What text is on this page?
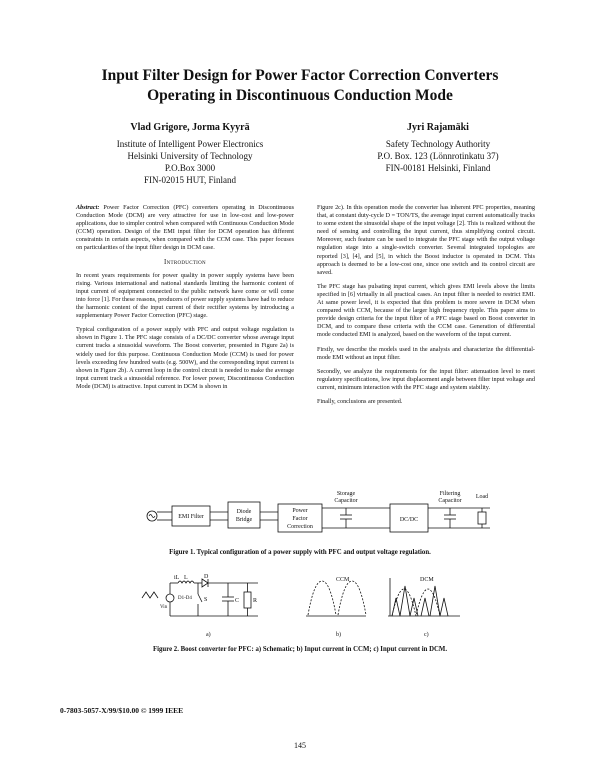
Input Filter Design for Power Factor Correction Converters
Operating in Discontinuous Conduction Mode
Vlad Grigore, Jorma Kyyrä
Institute of Intelligent Power Electronics
Helsinki University of Technology
P.O.Box 3000
FIN-02015 HUT, Finland
Jyri Rajamäki
Safety Technology Authority
P.O. Box. 123 (Lönnrotinkatu 37)
FIN-00181 Helsinki, Finland

Abstract: Power Factor Correction (PFC) converters operating in Discontinuous Conduction Mode (DCM) are very attractive for use in low-cost and low-power applications, due to simpler control when compared with Continuous Conduction Mode (CCM) operation. Design of the EMI input filter for DCM operation has different constraints in certain aspects, when compared with the CCM case. This paper focuses on particularities of the input filter design in DCM case.

Introduction

In recent years requirements for power quality in power supply systems have been rising. Various international and national standards limiting the harmonic content of input current of equipment connected to the public network have come or will come into force [1]. For these reasons, producers of power supply systems have had to reduce the harmonic content of the input current of their rectifier systems by introducing a supplementary Power Factor Correction (PFC) stage.

Typical configuration of a power supply with PFC and output voltage regulation is shown in Figure 1. The PFC stage consists of a DC/DC converter whose average input current tracks a sinusoidal waveform. The Boost converter, presented in Figure 2a) is widely used for this purpose. Continuous Conduction Mode (CCM) is used for power levels exceeding few hundred watts (e.g. 500W), and the corresponding input current is shown in Figure 2b). A current loop in the control circuit is needed to make the average input current track a sinusoidal reference. For lower power, Discontinuous Conduction Mode (DCM) is attractive. Input current in DCM is shown in

Figure 2c). In this operation mode the converter has inherent PFC properties, meaning that, at constant duty-cycle D = TON/TS, the average input current automatically tracks to some extent the sinusoidal shape of the input voltage [2]. This is realized without the need of sensing and controlling the input current, thus simplifying control circuit. Moreover, such feature can be used to integrate the PFC stage with the output voltage regulation stage into a single-switch converter. Several integrated topologies are reported [3], [4], and [5], in which the Boost inductor is operated in DCM. This approach is deemed to be a low-cost one, since one switch and its control circuit are saved.

The PFC stage has pulsating input current, which gives EMI levels above the limits specified in [6] virtually in all practical cases. An input filter is needed to restrict EMI. At same power level, it is expected that this problem is more severe in DCM when compared with CCM, because of the larger high frequency ripple. This paper aims to provide design criteria for the input filter of a PFC stage based on Boost converter in DCM, and to compare these criteria with the CCM case. Generation of differential mode conducted EMI is analyzed, based on the waveform of the input current.

Firstly, we describe the models used in the analysis and characterize the differential-mode EMI without an input filter.

Secondly, we analyze the requirements for the input filter: attenuation level to meet regulatory specifications, low input displacement angle between filter input voltage and current, minimum interaction with the PFC stage and system stability.

Finally, conclusions are presented.

EMI Filter
Diode
Bridge
Power
Factor
Correction
DC/DC
Storage
Capacitor
Filtering
Capacitor
Load
Figure 1. Typical configuration of a power supply with PFC and output voltage regulation.
iL L	D
C R
Vin
S
D1-D4
CCM	DCM
a)	b)	c)
Figure 2. Boost converter for PFC: a) Schematic; b) Input current in CCM; c) Input current in DCM.
0-7803-5057-X/99/$10.00 © 1999 IEEE
145
